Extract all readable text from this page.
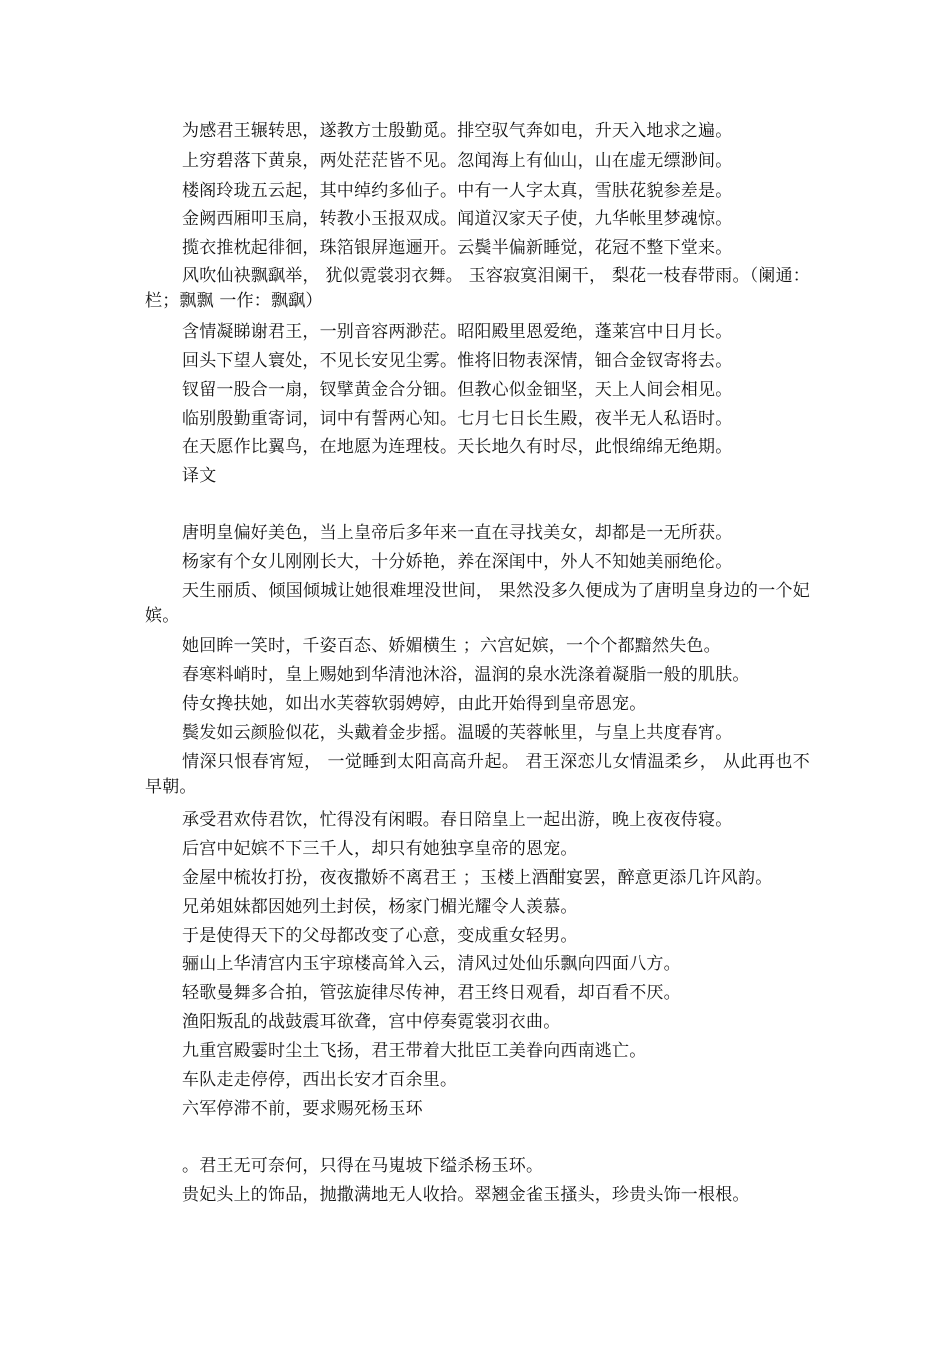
为感君王辗转思，遂教方士殷勤觅。排空驭气奔如电，升天入地求之遍。

上穷碧落下黄泉，两处茫茫皆不见。忽闻海上有仙山，山在虚无缥渺间。

楼阁玲珑五云起，其中绰约多仙子。中有一人字太真，雪肤花貌参差是。

金阙西厢叩玉扃，转教小玉报双成。闻道汉家天子使，九华帐里梦魂惊。

揽衣推枕起徘徊，珠箔银屏迤逦开。云鬓半偏新睡觉，花冠不整下堂来。

风吹仙袂飘飖举， 犹似霓裳羽衣舞。 玉容寂寞泪阑干， 梨花一枝春带雨。（阑通：栏；飘飘 一作：飘飖）

含情凝睇谢君王，一别音容两渺茫。昭阳殿里恩爱绝，蓬莱宫中日月长。

回头下望人寰处，不见长安见尘雾。惟将旧物表深情，钿合金钗寄将去。

钗留一股合一扇，钗擘黄金合分钿。但教心似金钿坚，天上人间会相见。

临别殷勤重寄词，词中有誓两心知。七月七日长生殿，夜半无人私语时。

在天愿作比翼鸟，在地愿为连理枝。天长地久有时尽，此恨绵绵无绝期。

译文

唐明皇偏好美色，当上皇帝后多年来一直在寻找美女，却都是一无所获。

杨家有个女儿刚刚长大，十分娇艳，养在深闺中，外人不知她美丽绝伦。

天生丽质、倾国倾城让她很难埋没世间， 果然没多久便成为了唐明皇身边的一个妃嫔。

她回眸一笑时，千姿百态、娇媚横生 ；六宫妃嫔，一个个都黯然失色。

春寒料峭时，皇上赐她到华清池沐浴，温润的泉水洗涤着凝脂一般的肌肤。

侍女搀扶她，如出水芙蓉软弱娉婷，由此开始得到皇帝恩宠。

鬓发如云颜脸似花，头戴着金步摇。温暖的芙蓉帐里，与皇上共度春宵。

情深只恨春宵短， 一觉睡到太阳高高升起。 君王深恋儿女情温柔乡， 从此再也不早朝。

承受君欢侍君饮，忙得没有闲暇。春日陪皇上一起出游，晚上夜夜侍寝。

后宫中妃嫔不下三千人，却只有她独享皇帝的恩宠。

金屋中梳妆打扮，夜夜撒娇不离君王 ；玉楼上酒酣宴罢，醉意更添几许风韵。

兄弟姐妹都因她列土封侯，杨家门楣光耀令人羡慕。

于是使得天下的父母都改变了心意，变成重女轻男。

骊山上华清宫内玉宇琼楼高耸入云，清风过处仙乐飘向四面八方。

轻歌曼舞多合拍，管弦旋律尽传神，君王终日观看，却百看不厌。

渔阳叛乱的战鼓震耳欲聋，宫中停奏霓裳羽衣曲。

九重宫殿霎时尘土飞扬，君王带着大批臣工美眷向西南逃亡。

车队走走停停，西出长安才百余里。

六军停滞不前，要求赐死杨玉环

。君王无可奈何，只得在马嵬坡下缢杀杨玉环。

贵妃头上的饰品，抛撒满地无人收拾。翠翘金雀玉搔头，珍贵头饰一根根。
